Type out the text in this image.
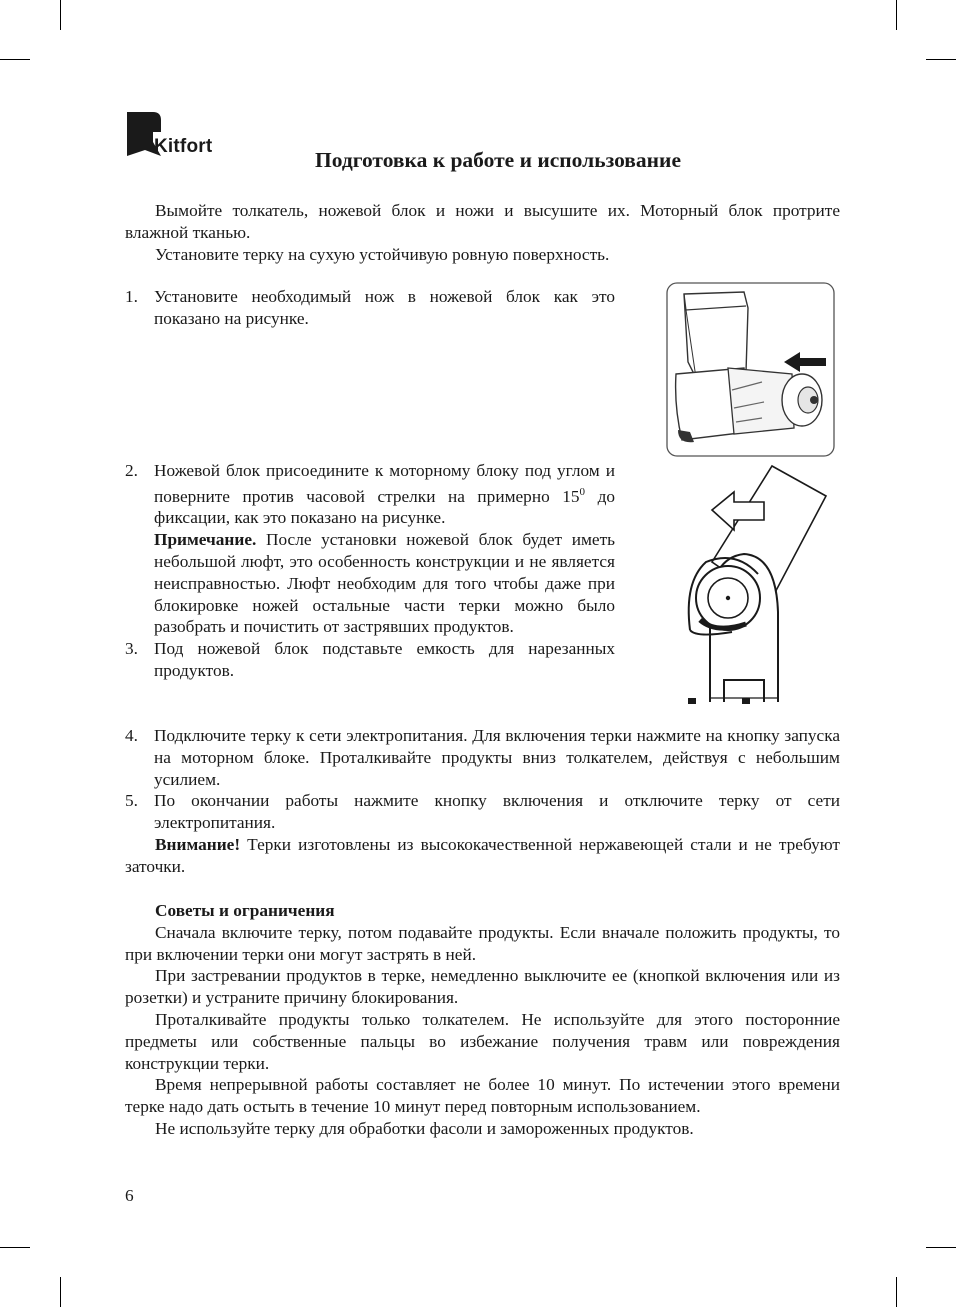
Kitfort
Подготовка к работе и использование

Вымойте толкатель, ножевой блок и ножи и высушите их. Моторный блок протрите влажной тканью.

Установите терку на сухую устойчивую ровную поверхность.

1. Установите необходимый нож в ножевой блок как это показано на рисунке.
2. Ножевой блок присоедините к моторному блоку под углом и поверните против часовой стрелки на примерно $15^0$ до фиксации, как это показано на рисунке.

Примечание. После установки ножевой блок будет иметь небольшой люфт, это особенность конструкции и не является неисправностью. Люфт необходим для того чтобы даже при блокировке ножей остальные части терки можно было разобрать и почистить от застрявших продуктов.

3. Под ножевой блок подставьте емкость для нарезанных продуктов.
4. Подключите терку к сети электропитания. Для включения терки нажмите на кнопку запуска на моторном блоке. Проталкивайте продукты вниз толкателем, действуя с небольшим усилием.
5. По окончании работы нажмите кнопку включения и отключите терку от сети электропитания.

Внимание! Терки изготовлены из высококачественной нержавеющей стали и не требуют заточки.

Советы и ограничения

Сначала включите терку, потом подавайте продукты. Если вначале положить продукты, то при включении терки они могут застрять в ней.

При застревании продуктов в терке, немедленно выключите ее (кнопкой включения или из розетки) и устраните причину блокирования.

Проталкивайте продукты только толкателем. Не используйте для этого посторонние предметы или собственные пальцы во избежание получения травм или повреждения конструкции терки.

Время непрерывной работы составляет не более 10 минут. По истечении этого времени терке надо дать остыть в течение 10 минут перед повторным использованием.

Не используйте терку для обработки фасоли и замороженных продуктов.

6
